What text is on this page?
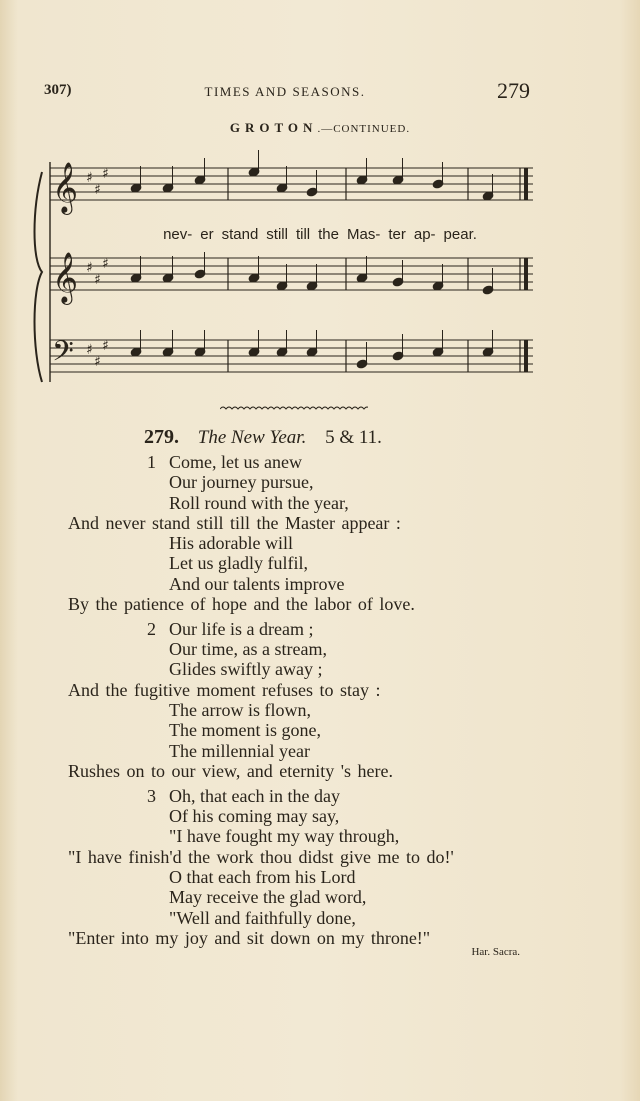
307)	TIMES AND SEASONS.	279
GROTON.—CONTINUED.
𝄞 ♯
♯
♯
𝄞 ♯
♯
♯
𝄢 ♯
♯
♯
nev- er stand still till the Mas- ter ap- pear.
279. The New Year. 5 & 11.
1 Come, let us anew
Our journey pursue,
Roll round with the year,
And never stand still till the Master appear :
His adorable will
Let us gladly fulfil,
And our talents improve
By the patience of hope and the labor of love.
2 Our life is a dream ;
Our time, as a stream,
Glides swiftly away ;
And the fugitive moment refuses to stay :
The arrow is flown,
The moment is gone,
The millennial year
Rushes on to our view, and eternity 's here.
3 Oh, that each in the day
Of his coming may say,
"I have fought my way through,
"I have finish'd the work thou didst give me to do!'
O that each from his Lord
May receive the glad word,
"Well and faithfully done,
"Enter into my joy and sit down on my throne!"
Har. Sacra.
